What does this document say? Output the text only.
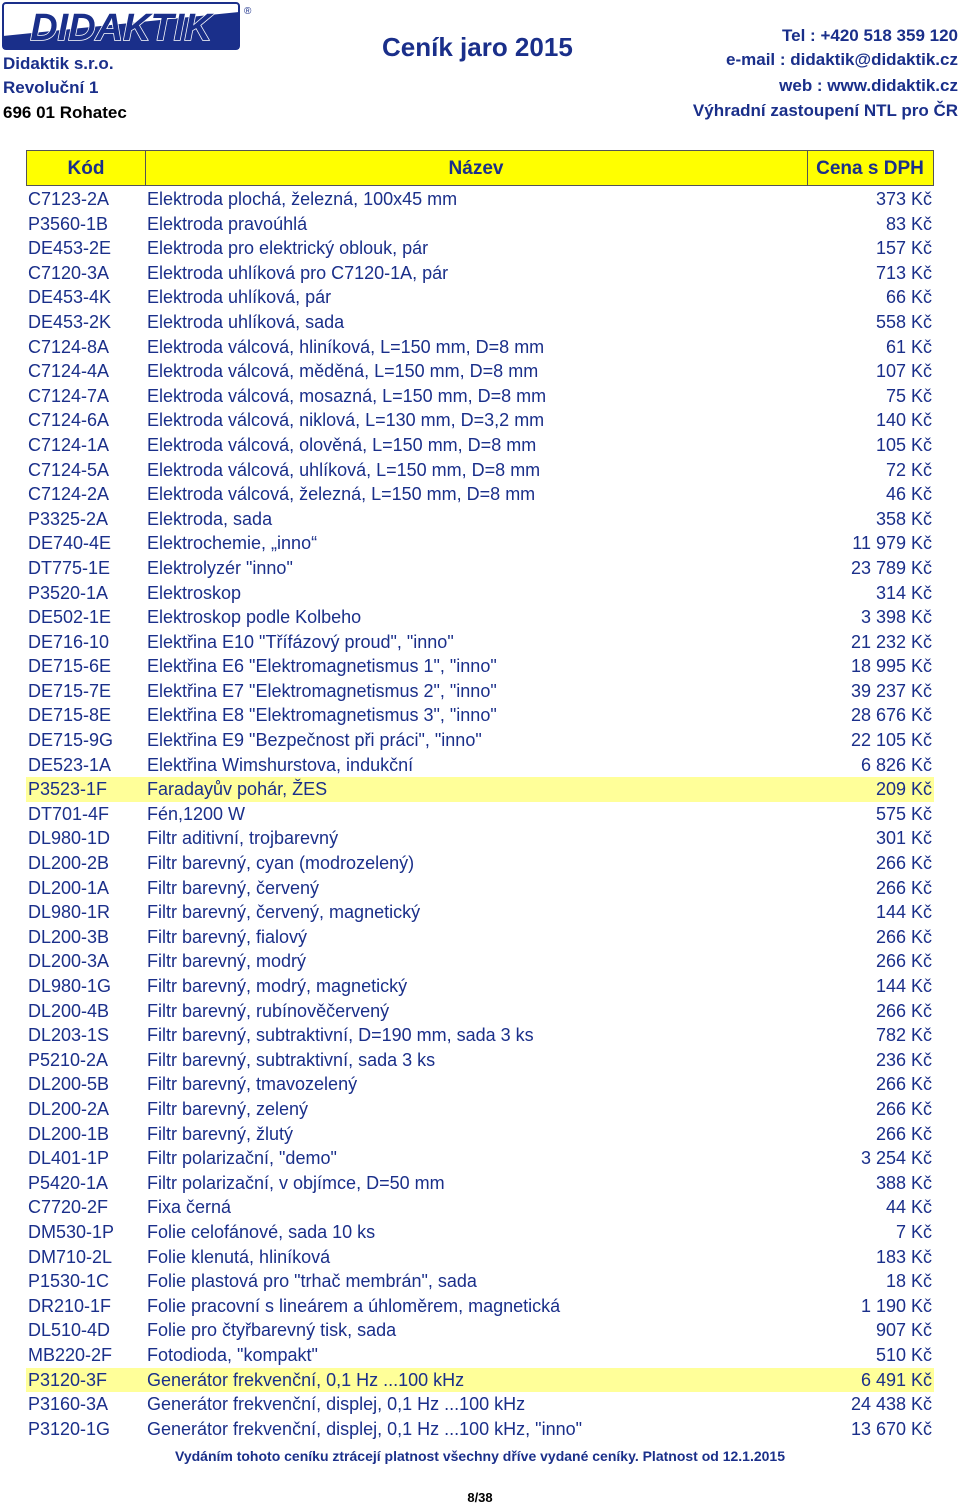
DIDAKTIK	®
Didaktik s.r.o.
Revoluční 1
696 01 Rohatec
Ceník jaro 2015	Tel : +420 518 359 120
e-mail : didaktik@didaktik.cz
web : www.didaktik.cz
Výhradní zastoupení NTL pro ČR
Kód	Název	Cena s DPH
C7123-2A Elektroda plochá, železná, 100x45 mm	373 Kč
P3560-1B Elektroda pravoúhlá	83 Kč
DE453-2E Elektroda pro elektrický oblouk, pár	157 Kč
C7120-3A Elektroda uhlíková pro C7120-1A, pár	713 Kč
DE453-4K Elektroda uhlíková, pár	66 Kč
DE453-2K Elektroda uhlíková, sada	558 Kč
C7124-8A Elektroda válcová, hliníková, L=150 mm, D=8 mm	61 Kč
C7124-4A Elektroda válcová, měděná, L=150 mm, D=8 mm	107 Kč
C7124-7A Elektroda válcová, mosazná, L=150 mm, D=8 mm	75 Kč
C7124-6A Elektroda válcová, niklová, L=130 mm, D=3,2 mm	140 Kč
C7124-1A Elektroda válcová, olověná, L=150 mm, D=8 mm	105 Kč
C7124-5A Elektroda válcová, uhlíková, L=150 mm, D=8 mm	72 Kč
C7124-2A Elektroda válcová, železná, L=150 mm, D=8 mm	46 Kč
P3325-2A Elektroda, sada	358 Kč
DE740-4E Elektrochemie, „inno“	11 979 Kč
DT775-1E Elektrolyzér "inno"	23 789 Kč
P3520-1A Elektroskop	314 Kč
DE502-1E Elektroskop podle Kolbeho	3 398 Kč
DE716-10 Elektřina E10 "Třífázový proud", "inno"	21 232 Kč
DE715-6E Elektřina E6 "Elektromagnetismus 1", "inno"	18 995 Kč
DE715-7E Elektřina E7 "Elektromagnetismus 2", "inno"	39 237 Kč
DE715-8E Elektřina E8 "Elektromagnetismus 3", "inno"	28 676 Kč
DE715-9G Elektřina E9 "Bezpečnost při práci", "inno"	22 105 Kč
DE523-1A Elektřina Wimshurstova, indukční	6 826 Kč
P3523-1F Faradayův pohár, ŽES	209 Kč
DT701-4F Fén,1200 W	575 Kč
DL980-1D Filtr aditivní, trojbarevný	301 Kč
DL200-2B Filtr barevný, cyan (modrozelený)	266 Kč
DL200-1A Filtr barevný, červený	266 Kč
DL980-1R Filtr barevný, červený, magnetický	144 Kč
DL200-3B Filtr barevný, fialový	266 Kč
DL200-3A Filtr barevný, modrý	266 Kč
DL980-1G Filtr barevný, modrý, magnetický	144 Kč
DL200-4B Filtr barevný, rubínověčervený	266 Kč
DL203-1S Filtr barevný, subtraktivní, D=190 mm, sada 3 ks	782 Kč
P5210-2A Filtr barevný, subtraktivní, sada 3 ks	236 Kč
DL200-5B Filtr barevný, tmavozelený	266 Kč
DL200-2A Filtr barevný, zelený	266 Kč
DL200-1B Filtr barevný, žlutý	266 Kč
DL401-1P Filtr polarizační, "demo"	3 254 Kč
P5420-1A Filtr polarizační, v objímce, D=50 mm	388 Kč
C7720-2F Fixa černá	44 Kč
DM530-1P Folie celofánové, sada 10 ks	7 Kč
DM710-2L Folie klenutá, hliníková	183 Kč
P1530-1C Folie plastová pro "trhač membrán", sada	18 Kč
DR210-1F Folie pracovní s lineárem a úhloměrem, magnetická	1 190 Kč
DL510-4D Folie pro čtyřbarevný tisk, sada	907 Kč
MB220-2F Fotodioda, "kompakt"	510 Kč
P3120-3F Generátor frekvenční, 0,1 Hz ...100 kHz	6 491 Kč
P3160-3A Generátor frekvenční, displej, 0,1 Hz ...100 kHz	24 438 Kč
P3120-1G Generátor frekvenční, displej, 0,1 Hz ...100 kHz, "inno"	13 670 Kč
Vydáním tohoto ceníku ztrácejí platnost všechny dříve vydané ceníky. Platnost od 12.1.2015
8/38
